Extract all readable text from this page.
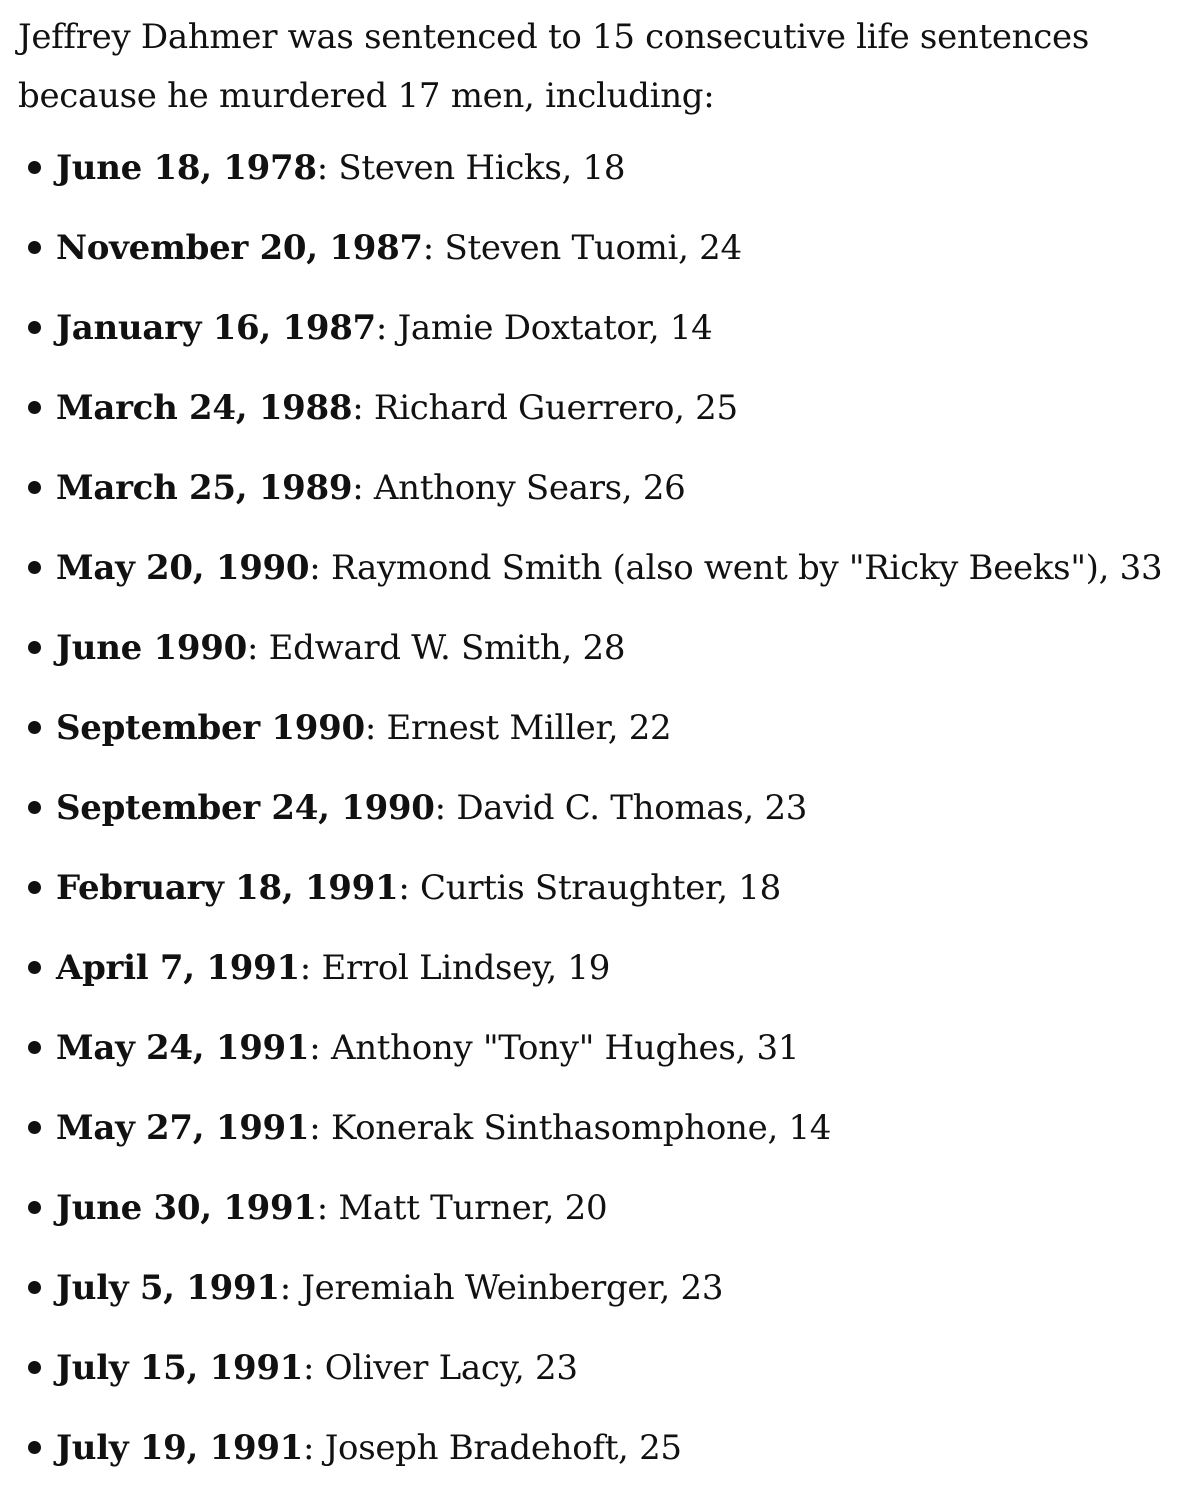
Jeffrey Dahmer was sentenced to 15 consecutive life sentences because he murdered 17 men, including:

June 18, 1978: Steven Hicks, 18
November 20, 1987: Steven Tuomi, 24
January 16, 1987: Jamie Doxtator, 14
March 24, 1988: Richard Guerrero, 25
March 25, 1989: Anthony Sears, 26
May 20, 1990: Raymond Smith (also went by "Ricky Beeks"), 33
June 1990: Edward W. Smith, 28
September 1990: Ernest Miller, 22
September 24, 1990: David C. Thomas, 23
February 18, 1991: Curtis Straughter, 18
April 7, 1991: Errol Lindsey, 19
May 24, 1991: Anthony "Tony" Hughes, 31
May 27, 1991: Konerak Sinthasomphone, 14
June 30, 1991: Matt Turner, 20
July 5, 1991: Jeremiah Weinberger, 23
July 15, 1991: Oliver Lacy, 23
July 19, 1991: Joseph Bradehoft, 25
